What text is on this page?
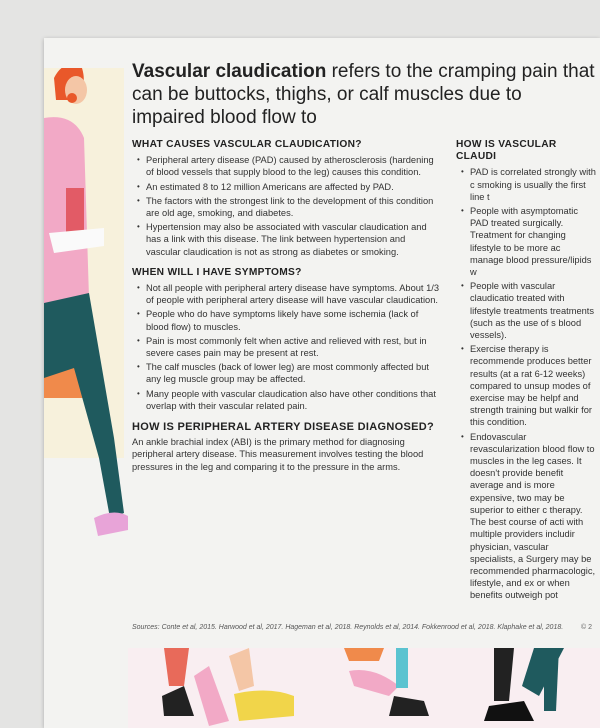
Vascular claudication refers to the cramping pain that can be buttocks, thighs, or calf muscles due to impaired blood flow to
WHAT CAUSES VASCULAR CLAUDICATION?
• Peripheral artery disease (PAD) caused by atherosclerosis (hardening of blood vessels that supply blood to the leg) causes this condition.
• An estimated 8 to 12 million Americans are affected by PAD.
• The factors with the strongest link to the development of this condition are old age, smoking, and diabetes.
• Hypertension may also be associated with vascular claudication and has a link with this disease. The link between hypertension and vascular claudication is not as strong as diabetes or smoking.
WHEN WILL I HAVE SYMPTOMS?
• Not all people with peripheral artery disease have symptoms. About 1/3 of people with peripheral artery disease will have vascular claudication.
• People who do have symptoms likely have some ischemia (lack of blood flow) to muscles.
• Pain is most commonly felt when active and relieved with rest, but in severe cases pain may be present at rest.
• The calf muscles (back of lower leg) are most commonly affected but any leg muscle group may be affected.
• Many people with vascular claudication also have other conditions that overlap with their vascular related pain.
HOW IS PERIPHERAL ARTERY DISEASE DIAGNOSED?

An ankle brachial index (ABI) is the primary method for diagnosing peripheral artery disease. This measurement involves testing the blood pressures in the leg and comparing it to the pressure in the arms.

HOW IS VASCULAR CLAUDI
• PAD is correlated strongly with c smoking is usually the first line t
• People with asymptomatic PAD treated surgically. Treatment for changing lifestyle to be more ac manage blood pressure/lipids w
• People with vascular claudicatio treated with lifestyle treatments treatments (such as the use of s blood vessels).
• Exercise therapy is recommende produces better results (at a rat 6-12 weeks) compared to unsup modes of exercise may be helpf and strength training but walkir for this condition.
• Endovascular revascularization blood flow to muscles in the leg cases. It doesn't provide benefit average and is more expensive, two may be superior to either c therapy. The best course of acti with multiple providers includir physician, vascular specialists, a Surgery may be recommended pharmacologic, lifestyle, and ex or when benefits outweigh pot
Sources: Conte et al, 2015. Harwood et al, 2017. Hageman et al, 2018. Reynolds et al, 2014. Fokkenrood et al, 2018. Klaphake et al, 2018.	© 2
